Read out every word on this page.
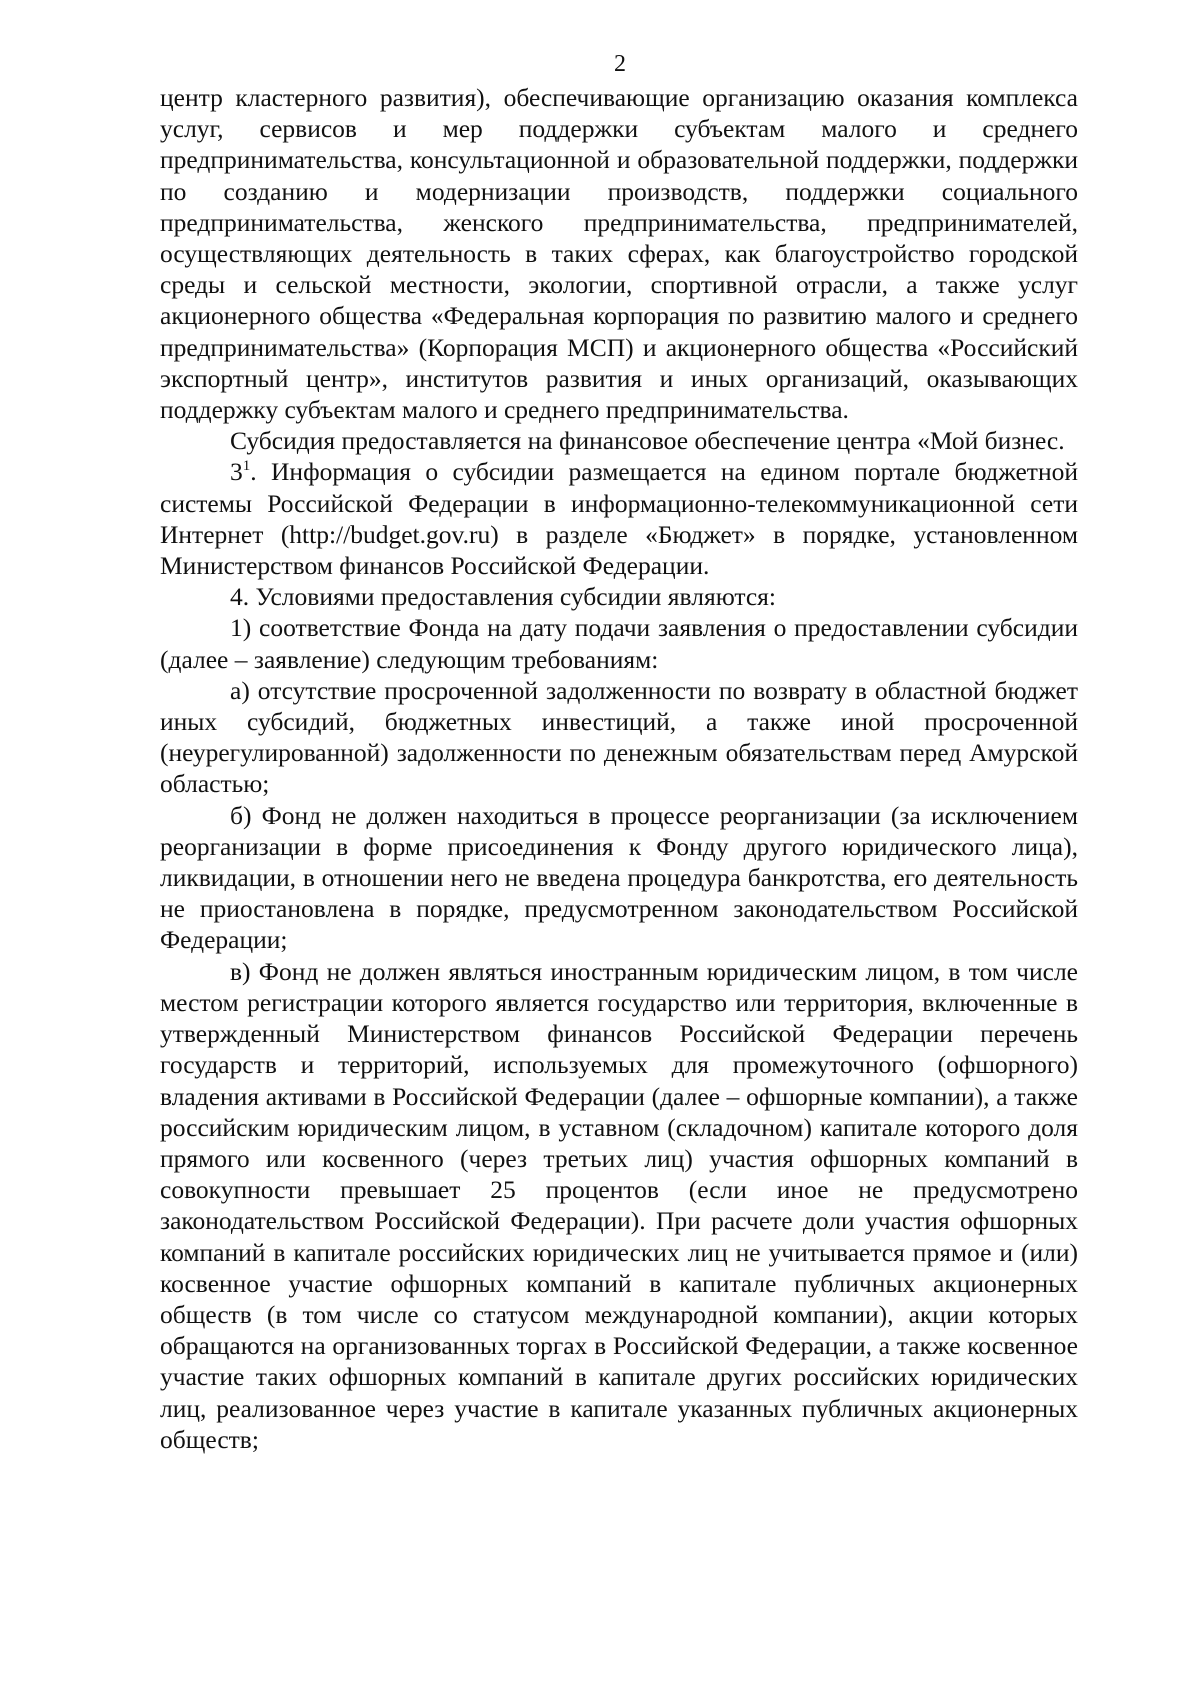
2

центр кластерного развития), обеспечивающие организацию оказания комплекса услуг, сервисов и мер поддержки субъектам малого и среднего предпринимательства, консультационной и образовательной поддержки, поддержки по созданию и модернизации производств, поддержки социального предпринимательства, женского предпринимательства, предпринимателей, осуществляющих деятельность в таких сферах, как благоустройство городской среды и сельской местности, экологии, спортивной отрасли, а также услуг акционерного общества «Федеральная корпорация по развитию малого и среднего предпринимательства» (Корпорация МСП) и акционерного общества «Российский экспортный центр», институтов развития и иных организаций, оказывающих поддержку субъектам малого и среднего предпринимательства.

Субсидия предоставляется на финансовое обеспечение центра «Мой бизнес.

$3^1$. Информация о субсидии размещается на едином портале бюджетной системы Российской Федерации в информационно-телекоммуникационной сети Интернет (http://budget.gov.ru) в разделе «Бюджет» в порядке, установленном Министерством финансов Российской Федерации.

4. Условиями предоставления субсидии являются:

1) соответствие Фонда на дату подачи заявления о предоставлении субсидии (далее – заявление) следующим требованиям:

а) отсутствие просроченной задолженности по возврату в областной бюджет иных субсидий, бюджетных инвестиций, а также иной просроченной (неурегулированной) задолженности по денежным обязательствам перед Амурской областью;

б) Фонд не должен находиться в процессе реорганизации (за исключением реорганизации в форме присоединения к Фонду другого юридического лица), ликвидации, в отношении него не введена процедура банкротства, его деятельность не приостановлена в порядке, предусмотренном законодательством Российской Федерации;

в) Фонд не должен являться иностранным юридическим лицом, в том числе местом регистрации которого является государство или территория, включенные в утвержденный Министерством финансов Российской Федерации перечень государств и территорий, используемых для промежуточного (офшорного) владения активами в Российской Федерации (далее – офшорные компании), а также российским юридическим лицом, в уставном (складочном) капитале которого доля прямого или косвенного (через третьих лиц) участия офшорных компаний в совокупности превышает 25 процентов (если иное не предусмотрено законодательством Российской Федерации). При расчете доли участия офшорных компаний в капитале российских юридических лиц не учитывается прямое и (или) косвенное участие офшорных компаний в капитале публичных акционерных обществ (в том числе со статусом международной компании), акции которых обращаются на организованных торгах в Российской Федерации, а также косвенное участие таких офшорных компаний в капитале других российских юридических лиц, реализованное через участие в капитале указанных публичных акционерных обществ;
